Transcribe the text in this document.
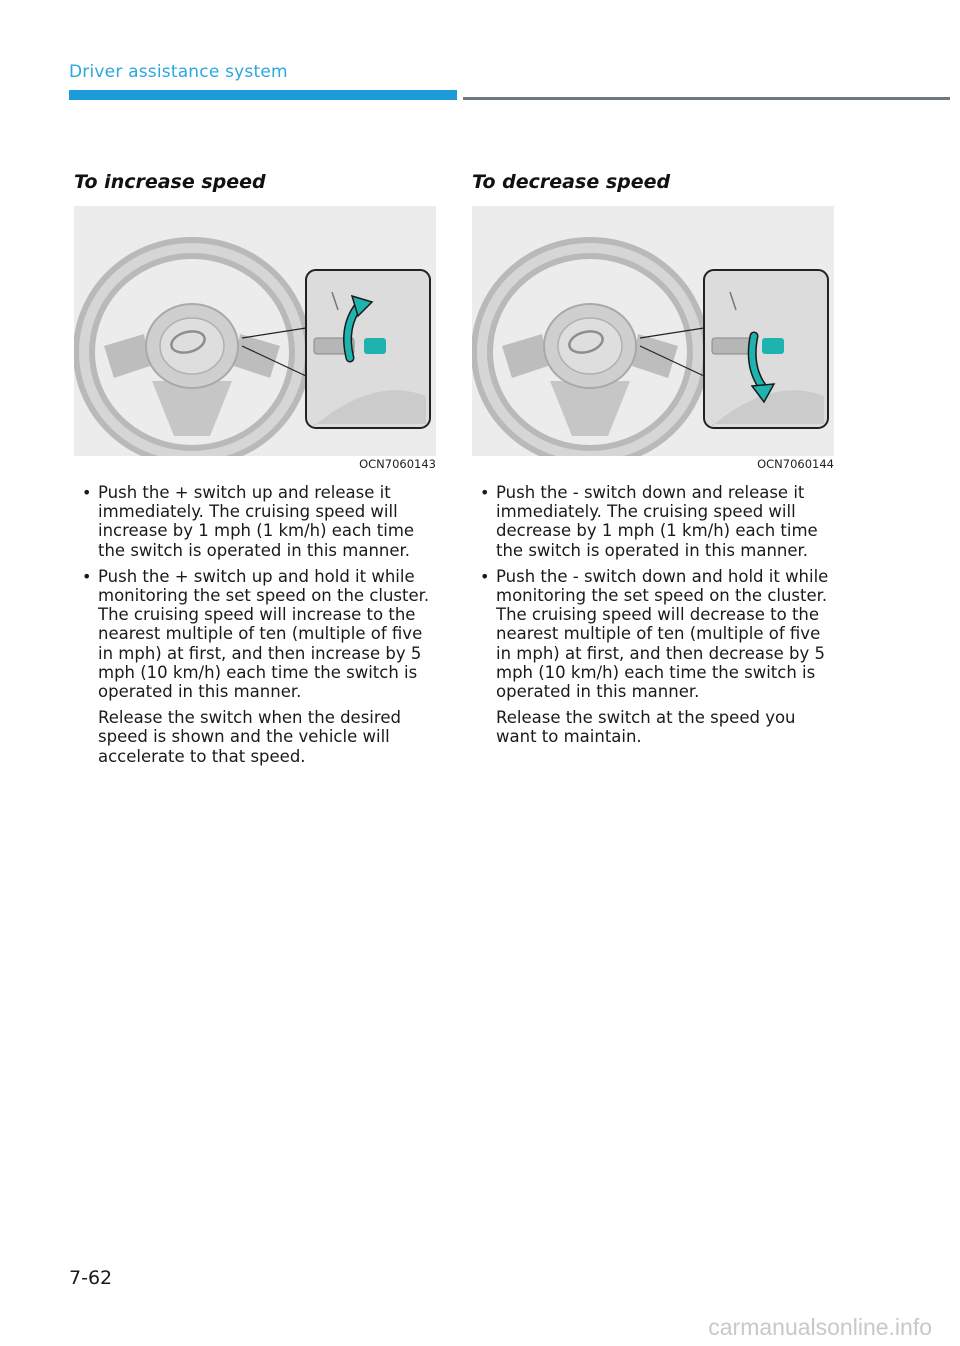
Driver assistance system
To increase speed
OCN7060143
• Push the + switch up and release it immediately. The cruising speed will increase by 1 mph (1 km/h) each time the switch is operated in this manner.
• Push the + switch up and hold it while monitoring the set speed on the cluster. The cruising speed will increase to the nearest multiple of ten (multiple of five in mph) at first, and then increase by 5 mph (10 km/h) each time the switch is operated in this manner.

Release the switch when the desired speed is shown and the vehicle will accelerate to that speed.

To decrease speed
OCN7060144
• Push the - switch down and release it immediately. The cruising speed will decrease by 1 mph (1 km/h) each time the switch is operated in this manner.
• Push the - switch down and hold it while monitoring the set speed on the cluster. The cruising speed will decrease to the nearest multiple of ten (multiple of five in mph) at first, and then decrease by 5 mph (10 km/h) each time the switch is operated in this manner.

Release the switch at the speed you want to maintain.

7-62
carmanualsonline.info
